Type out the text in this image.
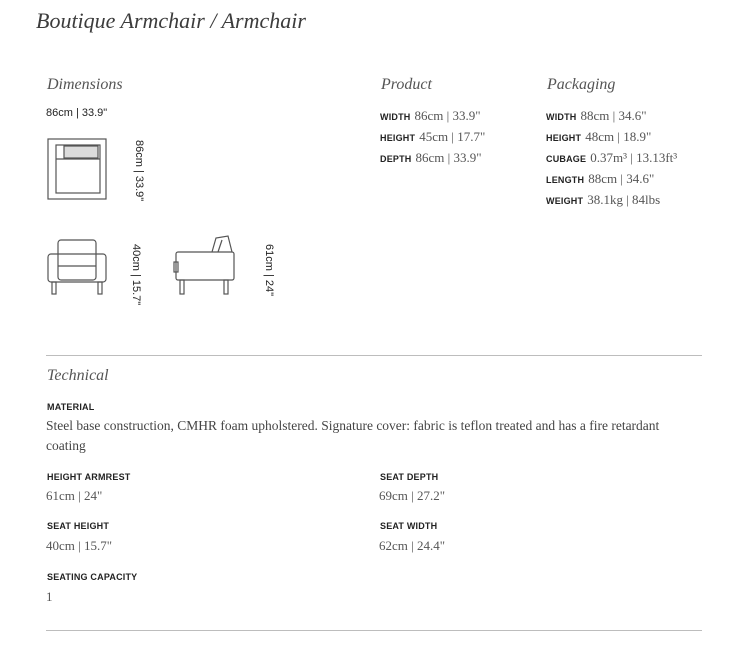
Boutique Armchair / Armchair
Dimensions
86cm | 33.9"
86cm | 33.9"
40cm | 15.7"	61cm | 24"
Product
WIDTH 86cm | 33.9"
HEIGHT 45cm | 17.7"
DEPTH 86cm | 33.9"
Packaging
WIDTH 88cm | 34.6"
HEIGHT 48cm | 18.9"
CUBAGE 0.37m³ | 13.13ft³
LENGTH 88cm | 34.6"
WEIGHT 38.1kg | 84lbs
Technical
MATERIAL
Steel base construction, CMHR foam upholstered. Signature cover: fabric is teflon treated and has a fire retardant coating
HEIGHT ARMREST
61cm | 24"
SEAT DEPTH
69cm | 27.2"
SEAT HEIGHT
40cm | 15.7"
SEAT WIDTH
62cm | 24.4"
SEATING CAPACITY
1
